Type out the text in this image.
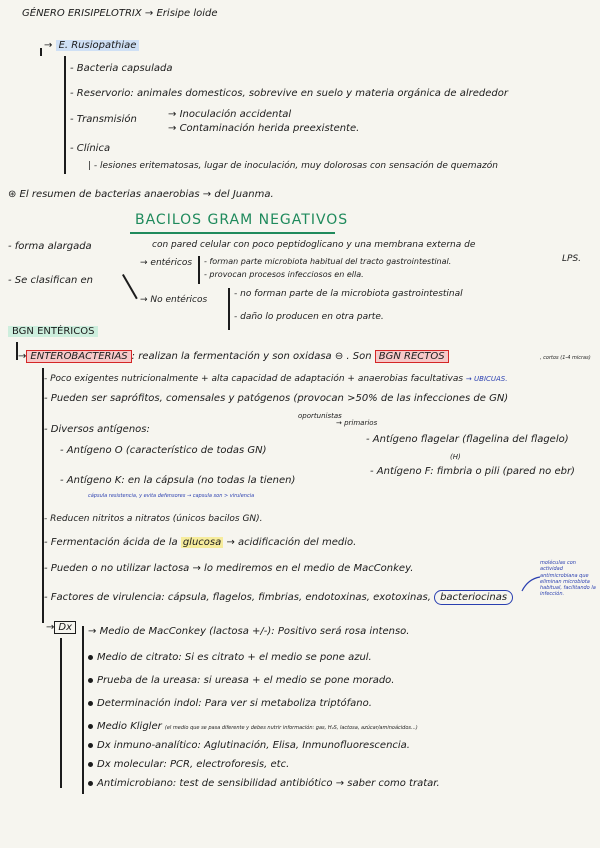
GÉNERO ERISIPELOTRIX → Erisipe loide
→ E. Rusiopathiae
- Bacteria capsulada
- Reservorio: animales domesticos, sobrevive en suelo y materia orgánica de alrededor
- Transmisión	→ Inoculación accidental
→ Contaminación herida preexistente.
- Clínica
| - lesiones eritematosas, lugar de inoculación, muy dolorosas con sensación de quemazón
⊛ El resumen de bacterias anaerobias → del Juanma.
BACILOS GRAM NEGATIVOS
- forma alargada	con pared celular con poco peptidoglicano y una membrana externa de
LPS.
- Se clasifican en
→ entéricos - forman parte microbiota habitual del tracto gastrointestinal.
- provocan procesos infecciosos en ella.
→ No entéricos
- no forman parte de la microbiota gastrointestinal
- daño lo producen en otra parte.
BGN ENTÉRICOS
→ ENTEROBACTERIAS : realizan la fermentación y son oxidasa ⊖ . Son BGN RECTOS	, cortos (1-4 micras)
- Poco exigentes nutricionalmente + alta capacidad de adaptación + anaerobias facultativas → UBICUAS.
- Pueden ser saprófitos, comensales y patógenos (provocan >50% de las infecciones de GN)
oportunistas
→ primarios
- Diversos antígenos:
- Antígeno O (característico de todas GN)
- Antígeno flagelar (flagelina del flagelo)
(H)
- Antígeno F: fimbria o pili (pared no ebr)
- Antígeno K: en la cápsula (no todas la tienen)
cápsula resistencia, y evita defensores → capsula son > virulencia
- Reducen nitritos a nitratos (únicos bacilos GN).
- Fermentación ácida de la glucosa → acidificación del medio.
- Pueden o no utilizar lactosa → lo mediremos en el medio de MacConkey.
- Factores de virulencia: cápsula, flagelos, fimbrias, endotoxinas, exotoxinas, bacteriocinas
moléculas con actividad antimicrobiana que eliminan microbiota habitual, facilitando la infección.
→ Dx	→ Medio de MacConkey (lactosa +/-): Positivo será rosa intenso.
Medio de citrato: Si es citrato + el medio se pone azul.
Prueba de la ureasa: si ureasa + el medio se pone morado.
Determinación indol: Para ver si metaboliza triptófano.
Medio Kligler (el medio que se pasa diferente y debes nutrir información: gas, H₂S, lactosa, azúcar/aminoácidos...)
Dx inmuno-analítico: Aglutinación, Elisa, Inmunofluorescencia.
Dx molecular: PCR, electroforesis, etc.
Antimicrobiano: test de sensibilidad antibiótico → saber como tratar.
